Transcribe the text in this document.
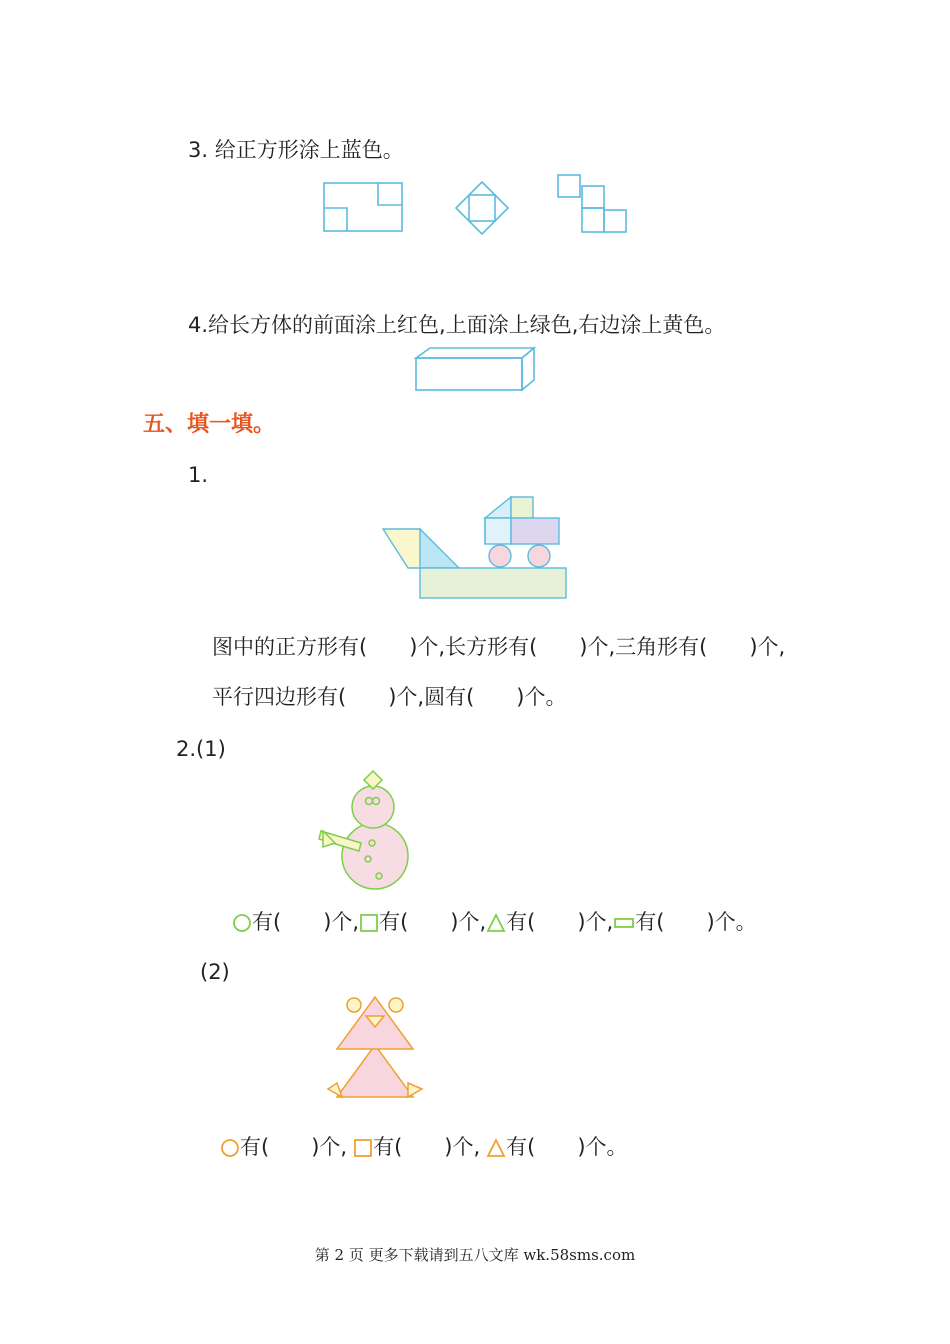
3. 给正方形涂上蓝色。
4.给长方体的前面涂上红色,上面涂上绿色,右边涂上黄色。
五、填一填。
1.
图中的正方形有( )个,长方形有( )个,三角形有( )个,
平行四边形有( )个,圆有( )个。
2.(1)
有( )个, 有( )个, 有( )个, 有( )个。
(2)
有( )个, 有( )个, 有( )个。
第 2 页 更多下载请到五八文库 wk.58sms.com
